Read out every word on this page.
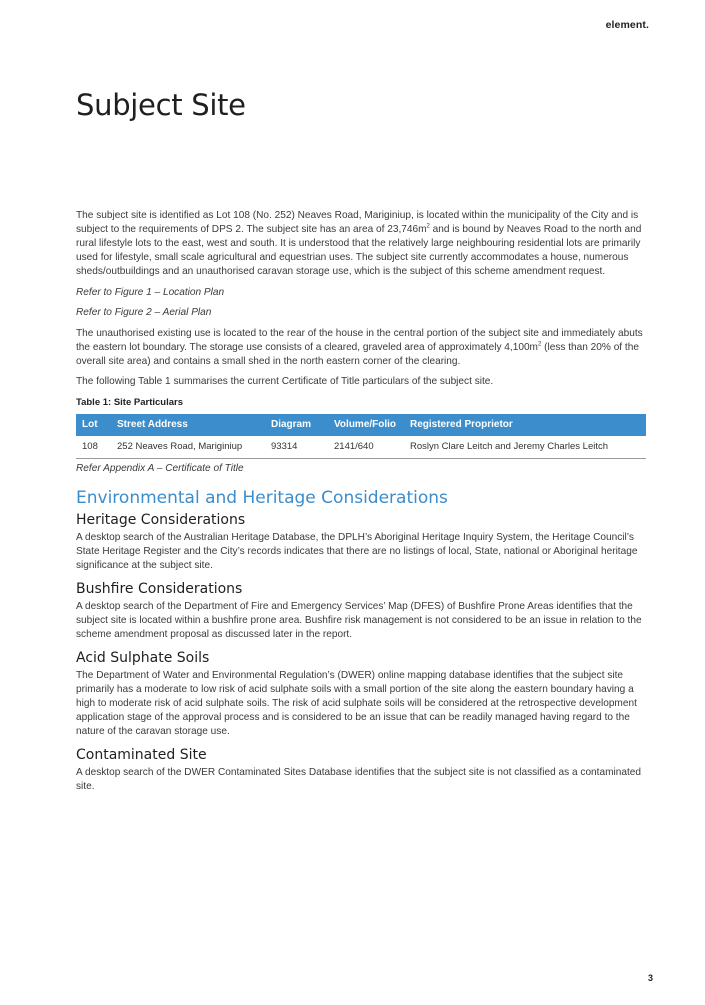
element.
Subject Site

The subject site is identified as Lot 108 (No. 252) Neaves Road, Mariginiup, is located within the municipality of the City and is subject to the requirements of DPS 2. The subject site has an area of $23,746m^2$ and is bound by Neaves Road to the north and rural lifestyle lots to the east, west and south. It is understood that the relatively large neighbouring residential lots are primarily used for lifestyle, small scale agricultural and equestrian uses. The subject site currently accommodates a house, numerous sheds/outbuildings and an unauthorised caravan storage use, which is the subject of this scheme amendment request.

Refer to Figure 1 – Location Plan

Refer to Figure 2 – Aerial Plan

The unauthorised existing use is located to the rear of the house in the central portion of the subject site and immediately abuts the eastern lot boundary. The storage use consists of a cleared, graveled area of approximately $4,100m^2$ (less than 20% of the overall site area) and contains a small shed in the north eastern corner of the clearing.

The following Table 1 summarises the current Certificate of Title particulars of the subject site.

Table 1: Site Particulars
Lot	Street Address	Diagram	Volume/Folio	Registered Proprietor
108	252 Neaves Road, Mariginiup	93314	2141/640	Roslyn Clare Leitch and Jeremy Charles Leitch

Refer Appendix A – Certificate of Title

Environmental and Heritage Considerations
Heritage Considerations

A desktop search of the Australian Heritage Database, the DPLH’s Aboriginal Heritage Inquiry System, the Heritage Council’s State Heritage Register and the City’s records indicates that there are no listings of local, State, national or Aboriginal heritage significance at the subject site.

Bushfire Considerations

A desktop search of the Department of Fire and Emergency Services’ Map (DFES) of Bushfire Prone Areas identifies that the subject site is located within a bushfire prone area. Bushfire risk management is not considered to be an issue in relation to the scheme amendment proposal as discussed later in the report.

Acid Sulphate Soils

The Department of Water and Environmental Regulation’s (DWER) online mapping database identifies that the subject site primarily has a moderate to low risk of acid sulphate soils with a small portion of the site along the eastern boundary having a high to moderate risk of acid sulphate soils. The risk of acid sulphate soils will be considered at the retrospective development application stage of the approval process and is considered to be an issue that can be readily managed having regard to the nature of the caravan storage use.

Contaminated Site

A desktop search of the DWER Contaminated Sites Database identifies that the subject site is not classified as a contaminated site.

3
